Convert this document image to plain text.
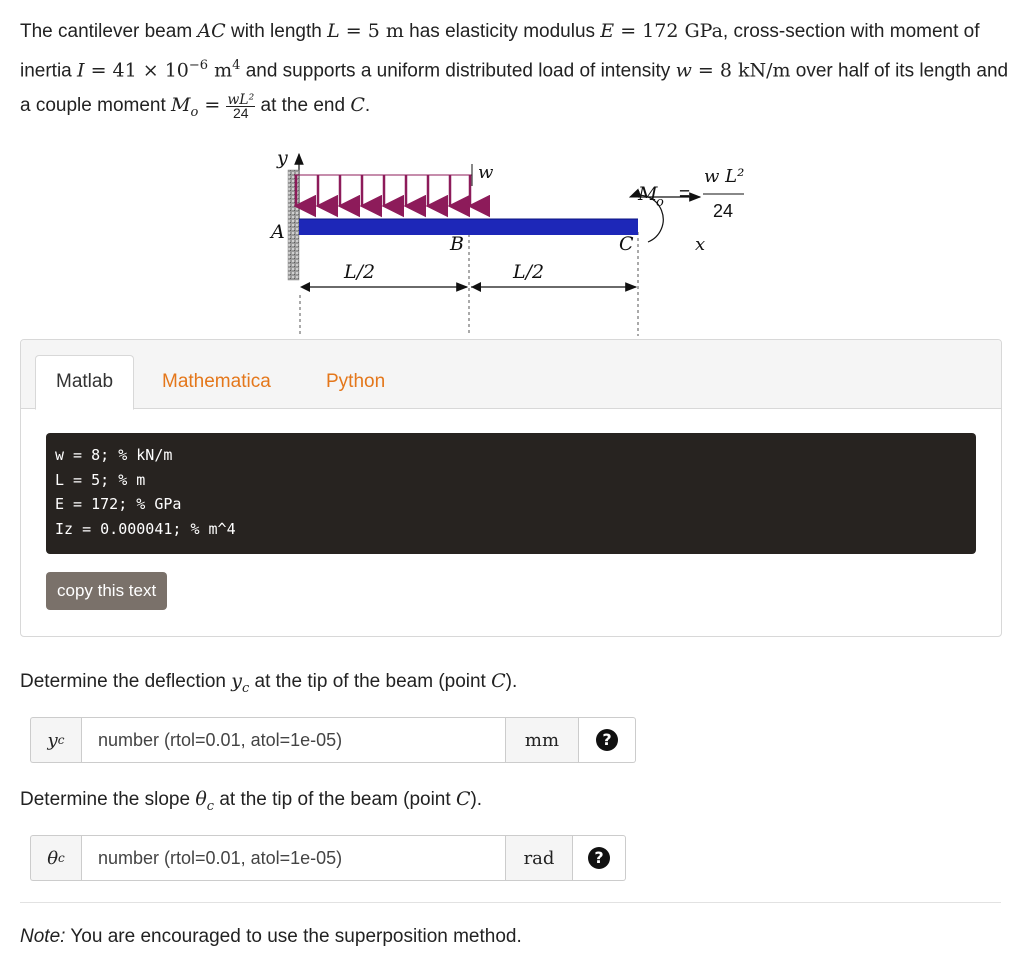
The cantilever beam AC with length L = 5 m has elasticity modulus E = 172 GPa, cross-section with moment of inertia $I = 41 \times 10^{-6}$ $m^4$ and supports a uniform distributed load of intensity w = 8 kN/m over half of its length and a couple moment $M_o = \frac{\text{wL²}}{24}$ at the end C.

y
w
A
B	C	x
M
o =
w L²
24
L/2	L/2
Matlab	Mathematica	Python
w = 8; % kN/m
L = 5; % m
E = 172; % GPa
Iz = 0.000041; % m^4
copy this text

Determine the deflection $y_c$ at the tip of the beam (point C).

y c
number (rtol=0.01, atol=1e-05)	mm	?

Determine the slope $\theta_c$ at the tip of the beam (point C).

θ c
number (rtol=0.01, atol=1e-05)	rad	?

Note: You are encouraged to use the superposition method.
